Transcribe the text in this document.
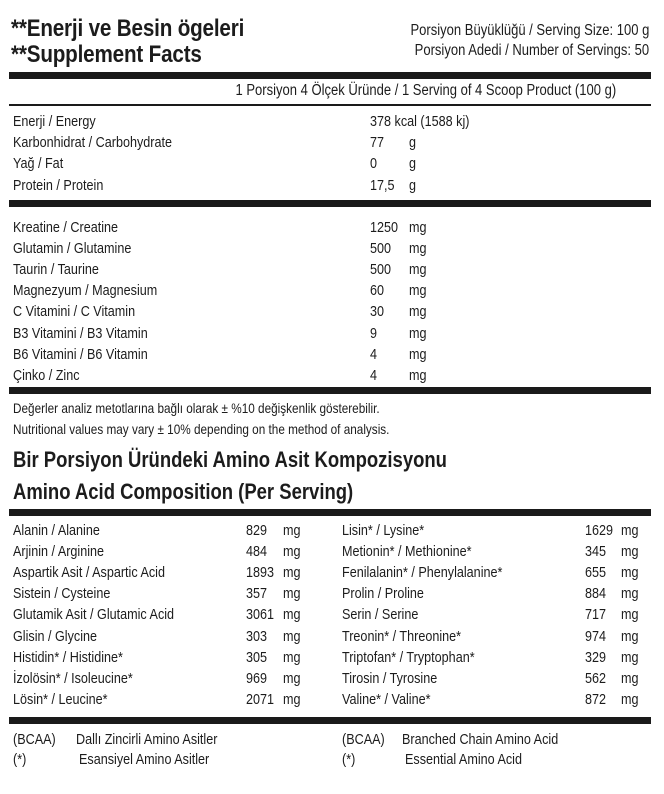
**Enerji ve Besin ögeleri
**Supplement Facts
Porsiyon Büyüklüğü / Serving Size: 100 g
Porsiyon Adedi / Number of Servings: 50
1 Porsiyon 4 Ölçek Üründe / 1 Serving of 4 Scoop Product (100 g)
Enerji / Energy	378 kcal (1588 kj)
Karbonhidrat / Carbohydrate	77 g
Yağ / Fat	0 g
Protein / Protein	17,5 g
Kreatine / Creatine	1250 mg
Glutamin / Glutamine	500 mg
Taurin / Taurine	500 mg
Magnezyum / Magnesium	60 mg
C Vitamini / C Vitamin	30 mg
B3 Vitamini / B3 Vitamin	9 mg
B6 Vitamini / B6 Vitamin	4 mg
Çinko / Zinc	4 mg
Değerler analiz metotlarına bağlı olarak ± %10 değişkenlik gösterebilir.
Nutritional values may vary ± 10% depending on the method of analysis.
Bir Porsiyon Üründeki Amino Asit Kompozisyonu
Amino Acid Composition (Per Serving)
Alanin / Alanine	829 mg
Arjinin / Arginine	484 mg
Aspartik Asit / Aspartic Acid	1893 mg
Sistein / Cysteine	357 mg
Glutamik Asit / Glutamic Acid	3061 mg
Glisin / Glycine	303 mg
Histidin* / Histidine*	305 mg
İzolösin* / Isoleucine*	969 mg
Lösin* / Leucine*	2071 mg
Lisin* / Lysine*	1629 mg
Metionin* / Methionine*	345 mg
Fenilalanin* / Phenylalanine*	655 mg
Prolin / Proline	884 mg
Serin / Serine	717 mg
Treonin* / Threonine*	974 mg
Triptofan* / Tryptophan*	329 mg
Tirosin / Tyrosine	562 mg
Valine* / Valine*	872 mg
(BCAA) Dallı Zincirli Amino Asitler
(*)	Esansiyel Amino Asitler
(BCAA) Branched Chain Amino Acid
(*)	Essential Amino Acid
